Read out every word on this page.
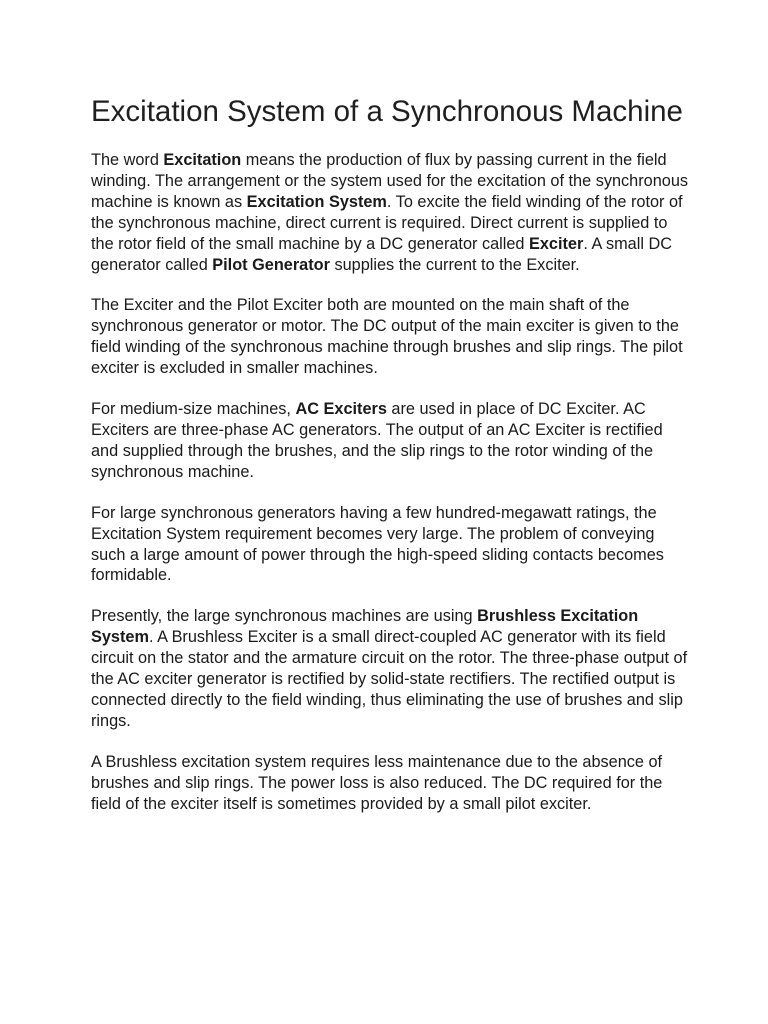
Excitation System of a Synchronous Machine

The word Excitation means the production of flux by passing current in the field winding. The arrangement or the system used for the excitation of the synchronous machine is known as Excitation System. To excite the field winding of the rotor of the synchronous machine, direct current is required. Direct current is supplied to the rotor field of the small machine by a DC generator called Exciter. A small DC generator called Pilot Generator supplies the current to the Exciter.

The Exciter and the Pilot Exciter both are mounted on the main shaft of the synchronous generator or motor. The DC output of the main exciter is given to the field winding of the synchronous machine through brushes and slip rings. The pilot exciter is excluded in smaller machines.

For medium-size machines, AC Exciters are used in place of DC Exciter. AC Exciters are three-phase AC generators. The output of an AC Exciter is rectified and supplied through the brushes, and the slip rings to the rotor winding of the synchronous machine.

For large synchronous generators having a few hundred-megawatt ratings, the Excitation System requirement becomes very large. The problem of conveying such a large amount of power through the high-speed sliding contacts becomes formidable.

Presently, the large synchronous machines are using Brushless Excitation System. A Brushless Exciter is a small direct-coupled AC generator with its field circuit on the stator and the armature circuit on the rotor. The three-phase output of the AC exciter generator is rectified by solid-state rectifiers. The rectified output is connected directly to the field winding, thus eliminating the use of brushes and slip rings.

A Brushless excitation system requires less maintenance due to the absence of brushes and slip rings. The power loss is also reduced. The DC required for the field of the exciter itself is sometimes provided by a small pilot exciter.
